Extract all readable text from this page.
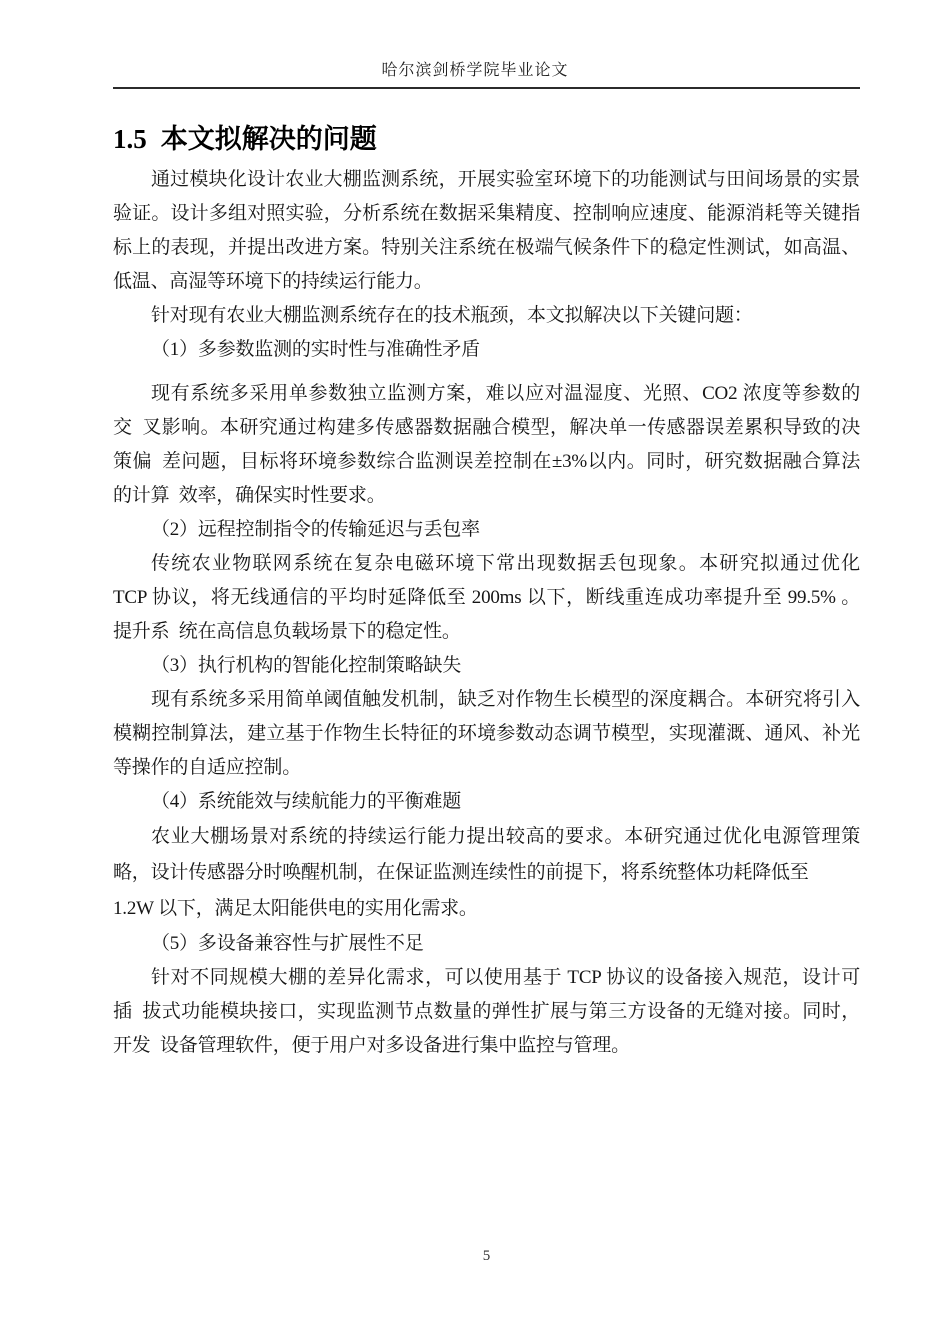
哈尔滨剑桥学院毕业论文
1.5 本文拟解决的问题
通过模块化设计农业大棚监测系统，开展实验室环境下的功能测试与田间场景的实景
验证。设计多组对照实验，分析系统在数据采集精度、控制响应速度、能源消耗等关键指
标上的表现，并提出改进方案。特别关注系统在极端气候条件下的稳定性测试，如高温、
低温、高湿等环境下的持续运行能力。
针对现有农业大棚监测系统存在的技术瓶颈，本文拟解决以下关键问题：
（1）多参数监测的实时性与准确性矛盾
现有系统多采用单参数独立监测方案，难以应对温湿度、光照、CO2 浓度等参数的
交 叉影响。本研究通过构建多传感器数据融合模型，解决单一传感器误差累积导致的决
策偏 差问题，目标将环境参数综合监测误差控制在±3%以内。同时，研究数据融合算法
的计算 效率，确保实时性要求。
（2）远程控制指令的传输延迟与丢包率
传统农业物联网系统在复杂电磁环境下常出现数据丢包现象。本研究拟通过优化
TCP 协议，将无线通信的平均时延降低至 200ms 以下，断线重连成功率提升至 99.5% 。
提升系 统在高信息负载场景下的稳定性。
（3）执行机构的智能化控制策略缺失
现有系统多采用简单阈值触发机制，缺乏对作物生长模型的深度耦合。本研究将引入
模糊控制算法，建立基于作物生长特征的环境参数动态调节模型，实现灌溉、通风、补光
等操作的自适应控制。
（4）系统能效与续航能力的平衡难题
农业大棚场景对系统的持续运行能力提出较高的要求。本研究通过优化电源管理策
略，设计传感器分时唤醒机制，在保证监测连续性的前提下，将系统整体功耗降低至
1.2W 以下，满足太阳能供电的实用化需求。
（5）多设备兼容性与扩展性不足
针对不同规模大棚的差异化需求，可以使用基于 TCP 协议的设备接入规范，设计可
插 拔式功能模块接口，实现监测节点数量的弹性扩展与第三方设备的无缝对接。同时，
开发 设备管理软件，便于用户对多设备进行集中监控与管理。
5
